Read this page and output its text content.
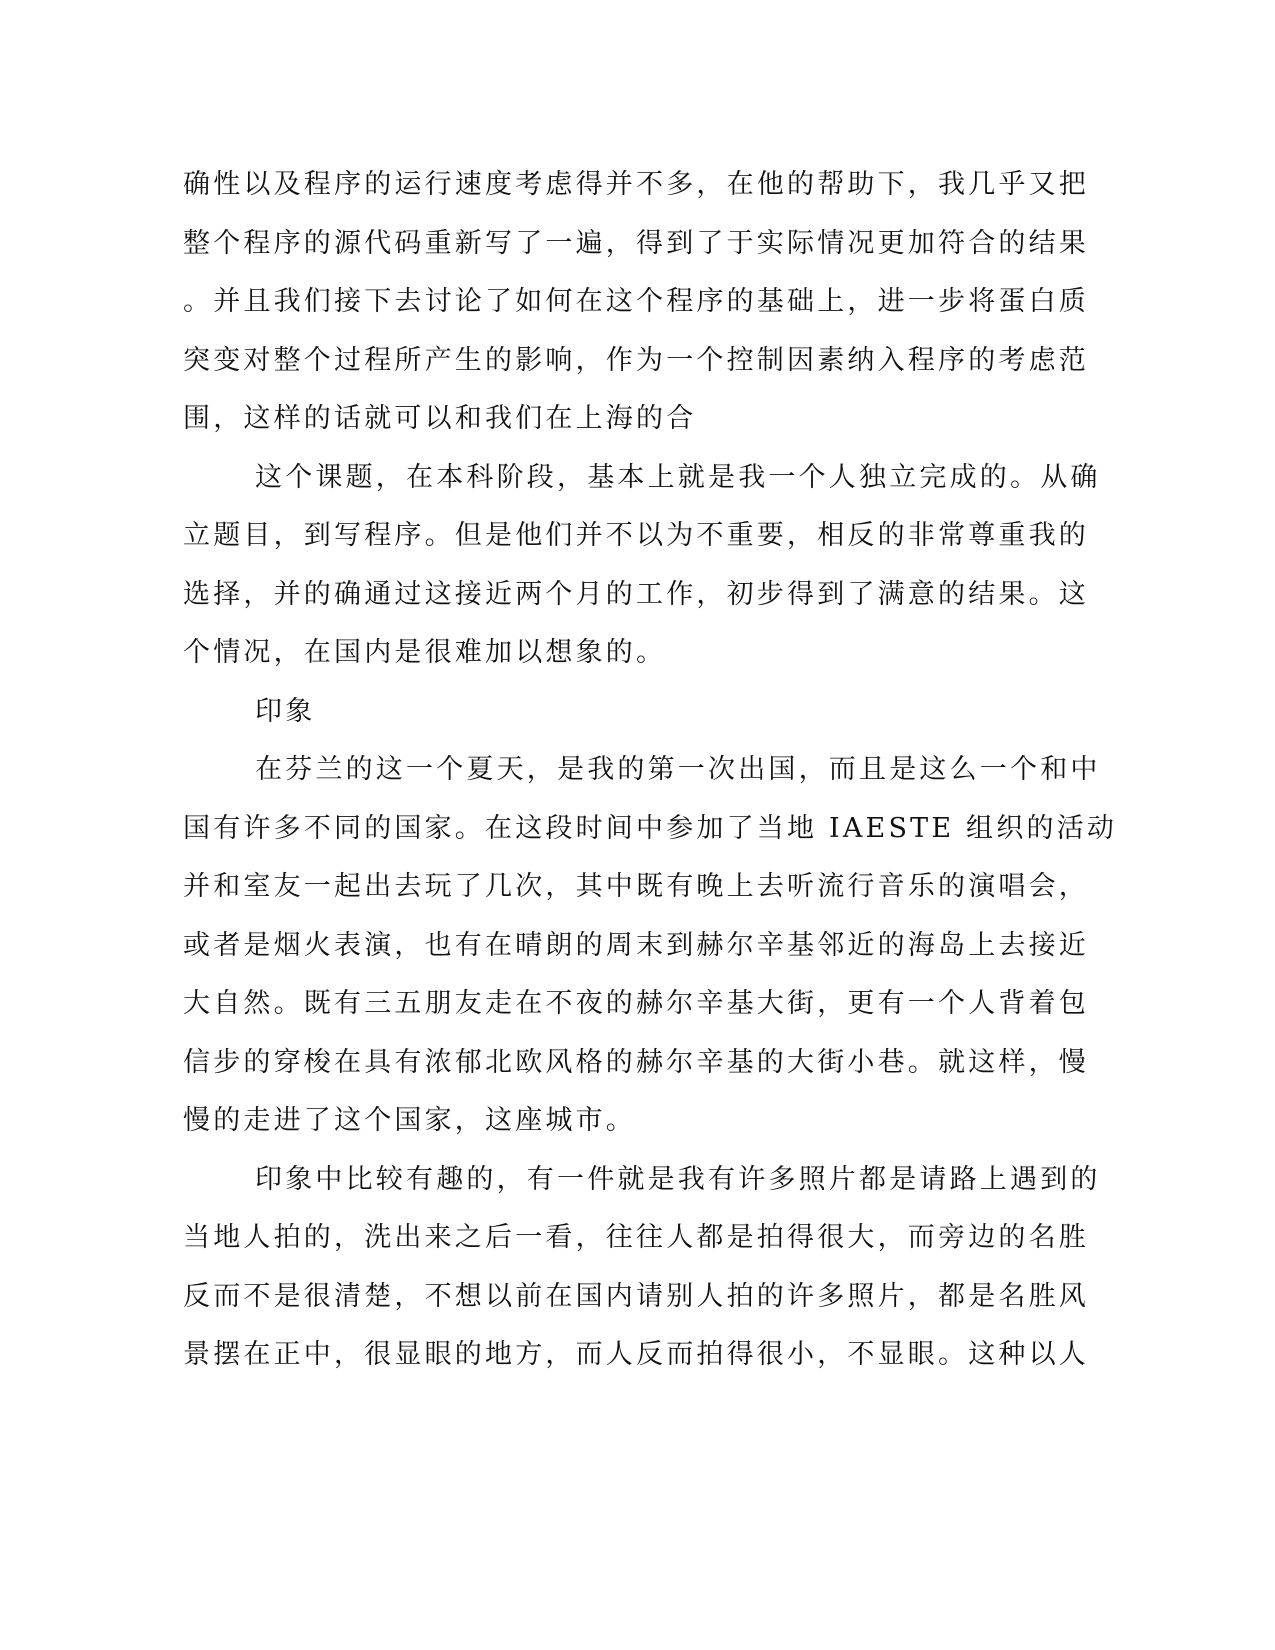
确性以及程序的运行速度考虑得并不多，在他的帮助下，我几乎又把
整个程序的源代码重新写了一遍，得到了于实际情况更加符合的结果
。并且我们接下去讨论了如何在这个程序的基础上，进一步将蛋白质
突变对整个过程所产生的影响，作为一个控制因素纳入程序的考虑范
围，这样的话就可以和我们在上海的合
这个课题，在本科阶段，基本上就是我一个人独立完成的。从确
立题目，到写程序。但是他们并不以为不重要，相反的非常尊重我的
选择，并的确通过这接近两个月的工作，初步得到了满意的结果。这
个情况，在国内是很难加以想象的。
印象
在芬兰的这一个夏天，是我的第一次出国，而且是这么一个和中
国有许多不同的国家。在这段时间中参加了当地 IAESTE 组织的活动
并和室友一起出去玩了几次，其中既有晚上去听流行音乐的演唱会，
或者是烟火表演，也有在晴朗的周末到赫尔辛基邻近的海岛上去接近
大自然。既有三五朋友走在不夜的赫尔辛基大街，更有一个人背着包
信步的穿梭在具有浓郁北欧风格的赫尔辛基的大街小巷。就这样，慢
慢的走进了这个国家，这座城市。
印象中比较有趣的，有一件就是我有许多照片都是请路上遇到的
当地人拍的，洗出来之后一看，往往人都是拍得很大，而旁边的名胜
反而不是很清楚，不想以前在国内请别人拍的许多照片，都是名胜风
景摆在正中，很显眼的地方，而人反而拍得很小，不显眼。这种以人
